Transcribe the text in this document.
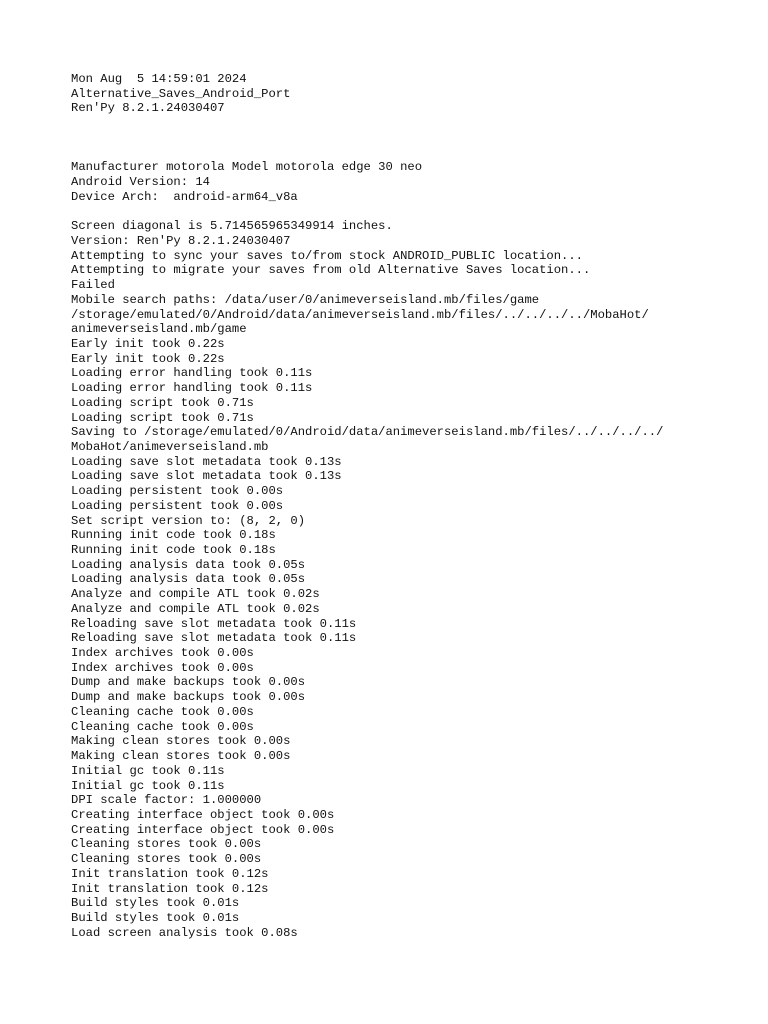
Mon Aug  5 14:59:01 2024
Alternative_Saves_Android_Port
Ren'Py 8.2.1.24030407
Manufacturer motorola Model motorola edge 30 neo
Android Version: 14
Device Arch:  android-arm64_v8a
Screen diagonal is 5.714565965349914 inches.
Version: Ren'Py 8.2.1.24030407
Attempting to sync your saves to/from stock ANDROID_PUBLIC location...
Attempting to migrate your saves from old Alternative Saves location...
Failed
Mobile search paths: /data/user/0/animeverseisland.mb/files/game
/storage/emulated/0/Android/data/animeverseisland.mb/files/../../../../MobaHot/
animeverseisland.mb/game
Early init took 0.22s
Early init took 0.22s
Loading error handling took 0.11s
Loading error handling took 0.11s
Loading script took 0.71s
Loading script took 0.71s
Saving to /storage/emulated/0/Android/data/animeverseisland.mb/files/../../../../
MobaHot/animeverseisland.mb
Loading save slot metadata took 0.13s
Loading save slot metadata took 0.13s
Loading persistent took 0.00s
Loading persistent took 0.00s
Set script version to: (8, 2, 0)
Running init code took 0.18s
Running init code took 0.18s
Loading analysis data took 0.05s
Loading analysis data took 0.05s
Analyze and compile ATL took 0.02s
Analyze and compile ATL took 0.02s
Reloading save slot metadata took 0.11s
Reloading save slot metadata took 0.11s
Index archives took 0.00s
Index archives took 0.00s
Dump and make backups took 0.00s
Dump and make backups took 0.00s
Cleaning cache took 0.00s
Cleaning cache took 0.00s
Making clean stores took 0.00s
Making clean stores took 0.00s
Initial gc took 0.11s
Initial gc took 0.11s
DPI scale factor: 1.000000
Creating interface object took 0.00s
Creating interface object took 0.00s
Cleaning stores took 0.00s
Cleaning stores took 0.00s
Init translation took 0.12s
Init translation took 0.12s
Build styles took 0.01s
Build styles took 0.01s
Load screen analysis took 0.08s
